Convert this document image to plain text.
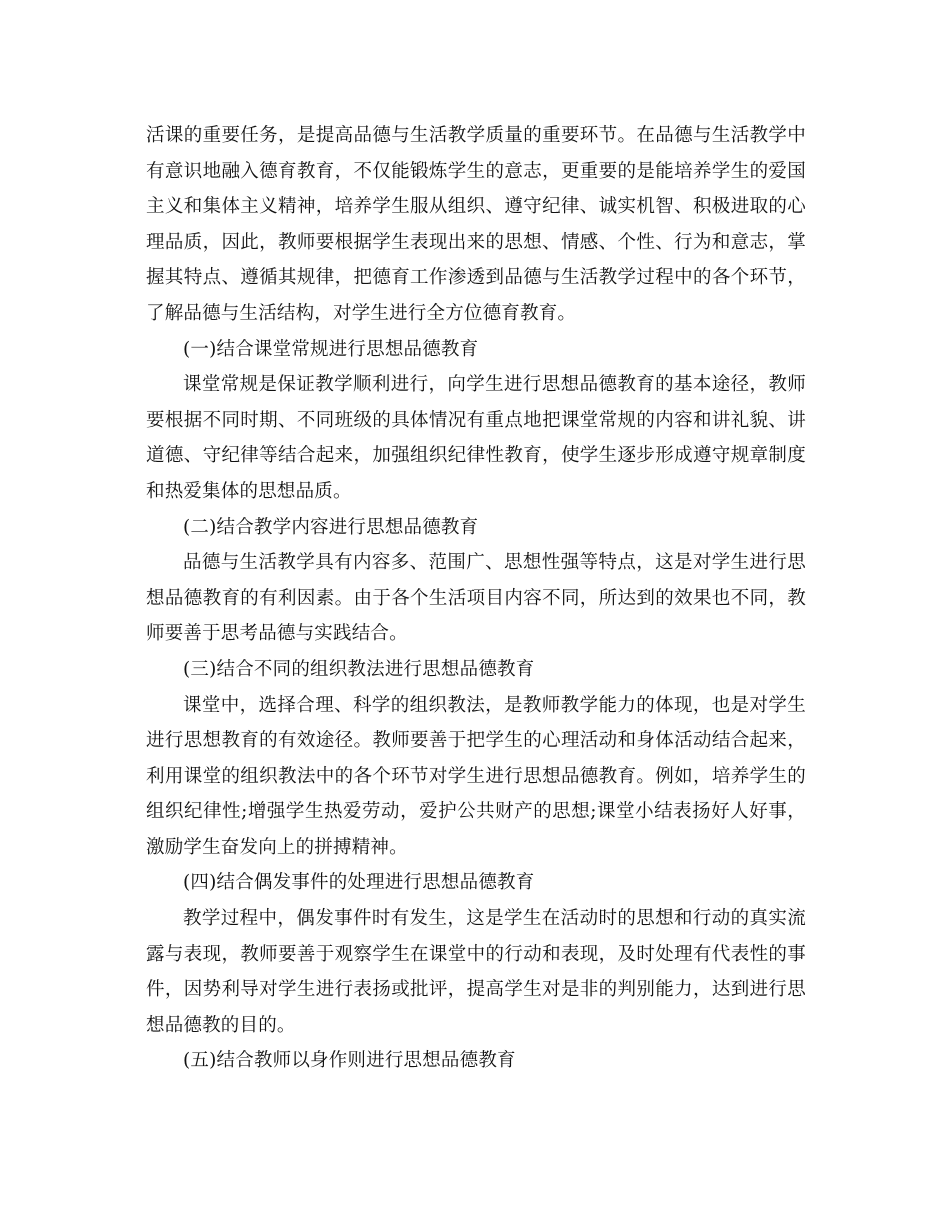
活课的重要任务，是提高品德与生活教学质量的重要环节。在品德与生活教学中有意识地融入德育教育，不仅能锻炼学生的意志，更重要的是能培养学生的爱国主义和集体主义精神，培养学生服从组织、遵守纪律、诚实机智、积极进取的心理品质，因此，教师要根据学生表现出来的思想、情感、个性、行为和意志，掌握其特点、遵循其规律，把德育工作渗透到品德与生活教学过程中的各个环节，了解品德与生活结构，对学生进行全方位德育教育。

(一)结合课堂常规进行思想品德教育

课堂常规是保证教学顺利进行，向学生进行思想品德教育的基本途径，教师要根据不同时期、不同班级的具体情况有重点地把课堂常规的内容和讲礼貌、讲道德、守纪律等结合起来，加强组织纪律性教育，使学生逐步形成遵守规章制度和热爱集体的思想品质。

(二)结合教学内容进行思想品德教育

品德与生活教学具有内容多、范围广、思想性强等特点，这是对学生进行思想品德教育的有利因素。由于各个生活项目内容不同，所达到的效果也不同，教师要善于思考品德与实践结合。

(三)结合不同的组织教法进行思想品德教育

课堂中，选择合理、科学的组织教法，是教师教学能力的体现，也是对学生进行思想教育的有效途径。教师要善于把学生的心理活动和身体活动结合起来，利用课堂的组织教法中的各个环节对学生进行思想品德教育。例如，培养学生的组织纪律性;增强学生热爱劳动，爱护公共财产的思想;课堂小结表扬好人好事，激励学生奋发向上的拼搏精神。

(四)结合偶发事件的处理进行思想品德教育

教学过程中，偶发事件时有发生，这是学生在活动时的思想和行动的真实流露与表现，教师要善于观察学生在课堂中的行动和表现，及时处理有代表性的事件，因势利导对学生进行表扬或批评，提高学生对是非的判别能力，达到进行思想品德教的目的。

(五)结合教师以身作则进行思想品德教育
